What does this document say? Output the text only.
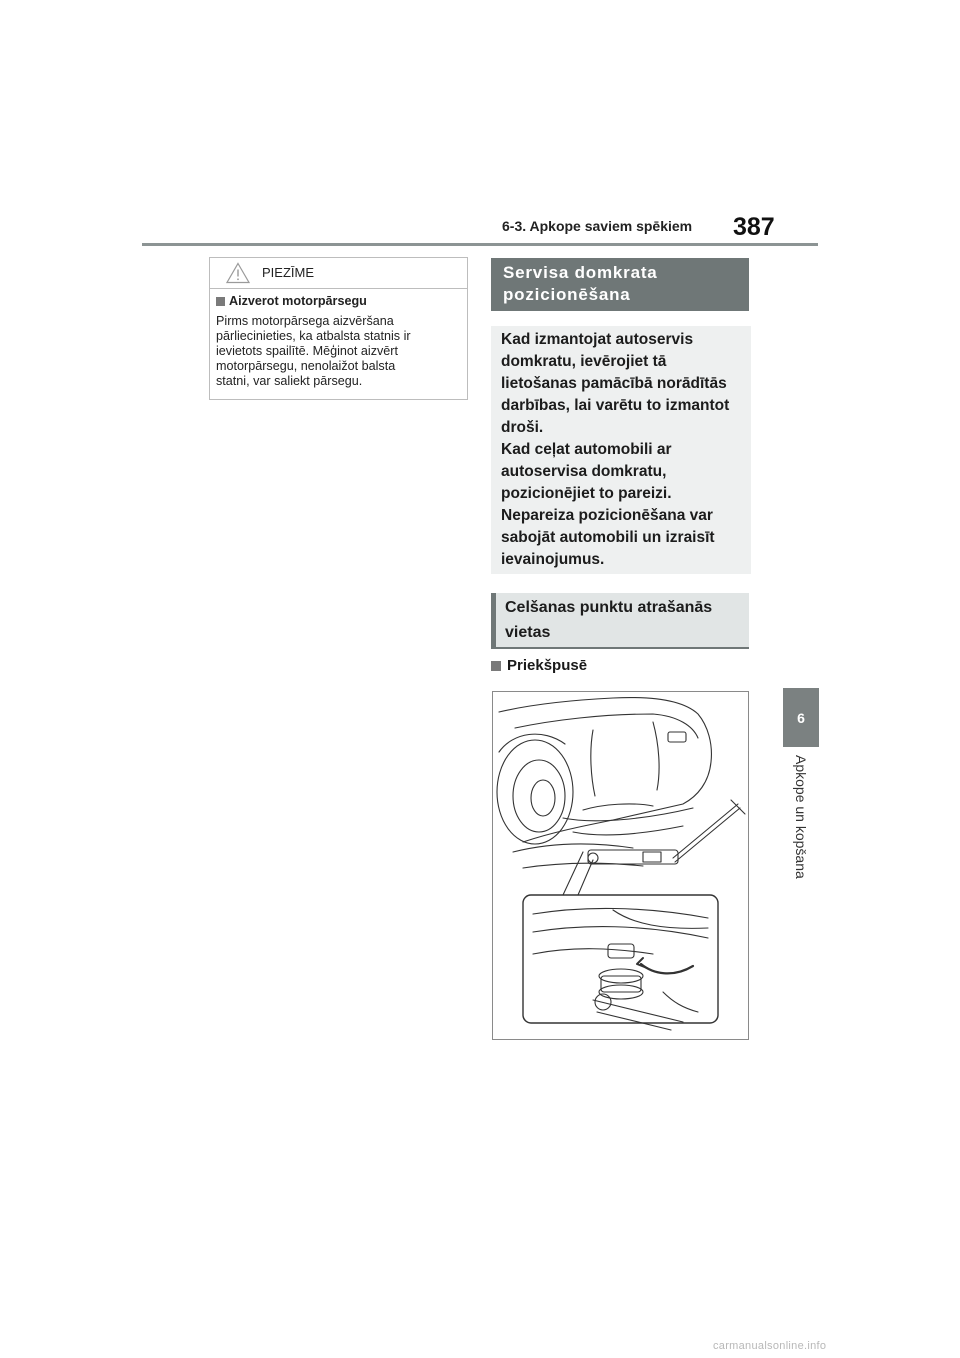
6-3. Apkope saviem spēkiem 387
6
Apkope un kopšana
PIEZĪME
Aizverot motorpārsegu
Pirms motorpārsega aizvēršana
pārliecinieties, ka atbalsta statnis ir
ievietots spailītē. Mēģinot aizvērt
motorpārsegu, nenolaižot balsta
statni, var saliekt pārsegu.
Servisa domkrata
pozicionēšana
Kad izmantojat autoservis
domkratu, ievērojiet tā
lietošanas pamācībā norādītās
darbības, lai varētu to izmantot
droši.
Kad ceļat automobili ar
autoservisa domkratu,
pozicionējiet to pareizi.
Nepareiza pozicionēšana var
sabojāt automobili un izraisīt
ievainojumus.
Celšanas punktu atrašanās
vietas
Priekšpusē
carmanualsonline.info
